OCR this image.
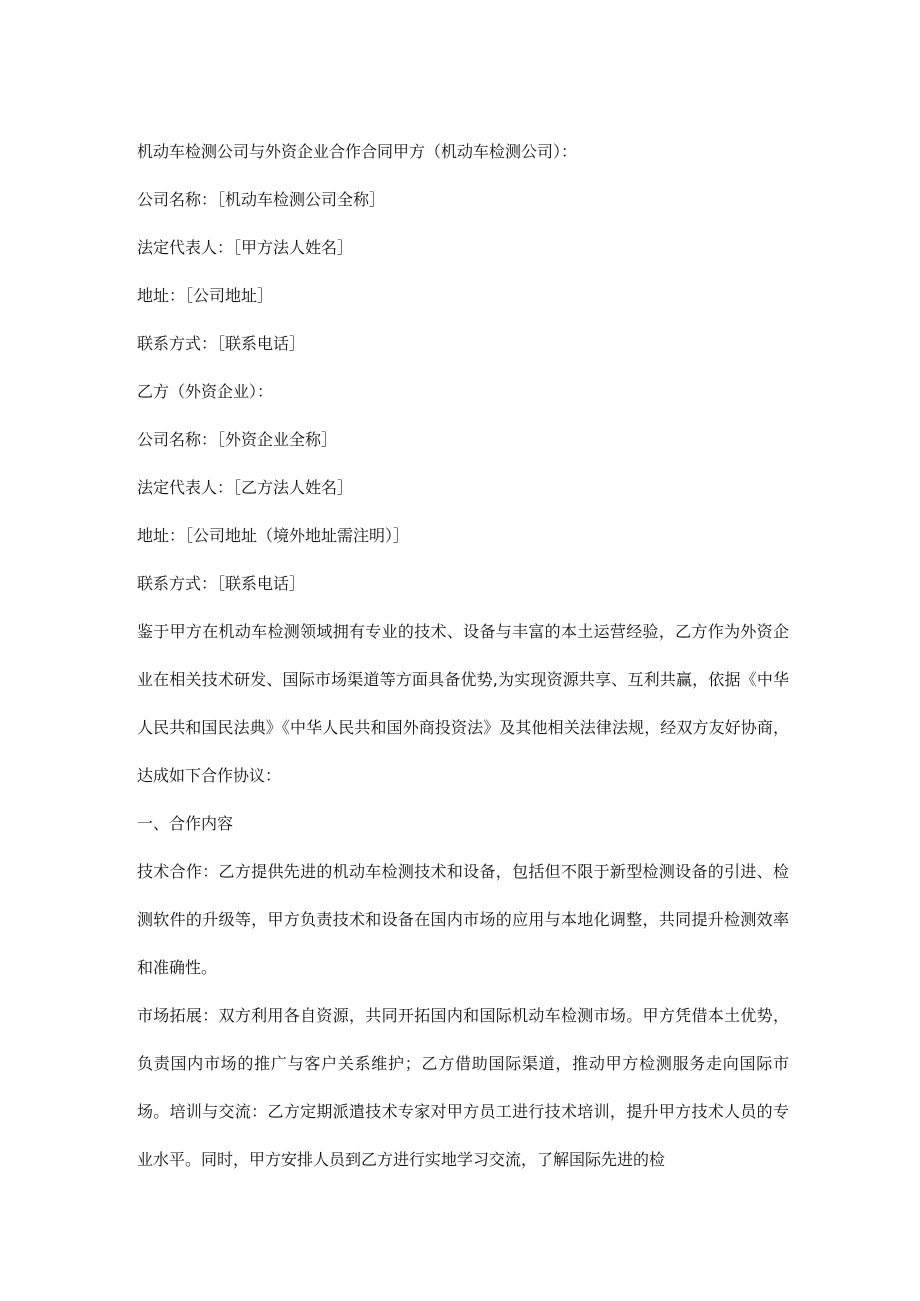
机动车检测公司与外资企业合作合同甲方（机动车检测公司）：
公司名称：［机动车检测公司全称］
法定代表人：［甲方法人姓名］
地址：［公司地址］
联系方式：［联系电话］
乙方（外资企业）：
公司名称：［外资企业全称］
法定代表人：［乙方法人姓名］
地址：［公司地址（境外地址需注明）］
联系方式：［联系电话］

鉴于甲方在机动车检测领域拥有专业的技术、设备与丰富的本土运营经验，乙方作为外资企业在相关技术研发、国际市场渠道等方面具备优势,为实现资源共享、互利共赢，依据《中华人民共和国民法典》《中华人民共和国外商投资法》及其他相关法律法规，经双方友好协商，达成如下合作协议：

一、合作内容

技术合作：乙方提供先进的机动车检测技术和设备，包括但不限于新型检测设备的引进、检测软件的升级等，甲方负责技术和设备在国内市场的应用与本地化调整，共同提升检测效率和准确性。

市场拓展：双方利用各自资源，共同开拓国内和国际机动车检测市场。甲方凭借本土优势，负责国内市场的推广与客户关系维护；乙方借助国际渠道，推动甲方检测服务走向国际市场。培训与交流：乙方定期派遣技术专家对甲方员工进行技术培训，提升甲方技术人员的专业水平。同时，甲方安排人员到乙方进行实地学习交流，了解国际先进的检
